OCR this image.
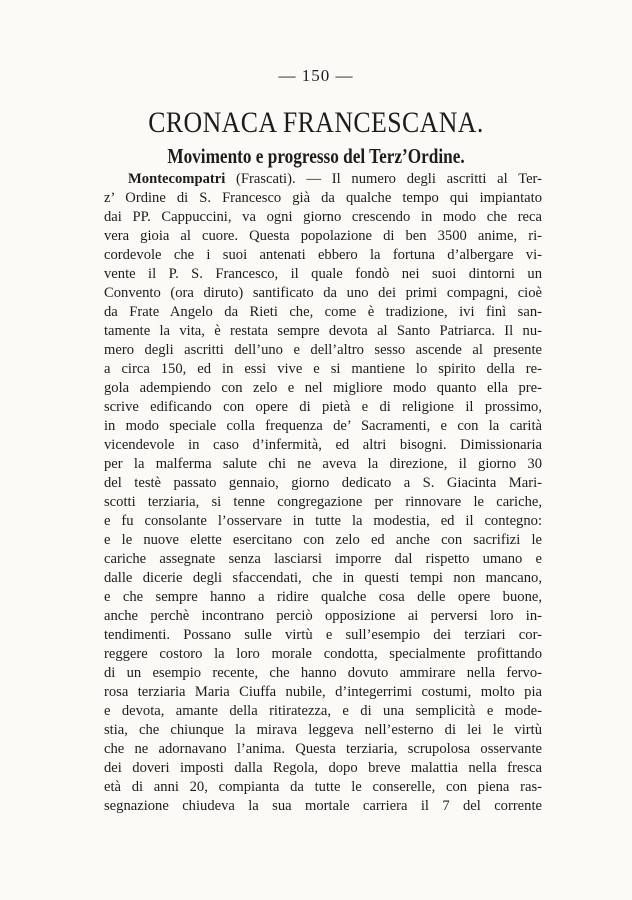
— 150 —
CRONACA FRANCESCANA.
Movimento e progresso del Terz’Ordine.
Montecompatri (Frascati). — Il numero degli ascritti al Ter-
z’ Ordine di S. Francesco già da qualche tempo qui impiantato
dai PP. Cappuccini, va ogni giorno crescendo in modo che reca
vera gioia al cuore. Questa popolazione di ben 3500 anime, ri-
cordevole che i suoi antenati ebbero la fortuna d’albergare vi-
vente il P. S. Francesco, il quale fondò nei suoi dintorni un
Convento (ora diruto) santificato da uno dei primi compagni, cioè
da Frate Angelo da Rieti che, come è tradizione, ivi finì san-
tamente la vita, è restata sempre devota al Santo Patriarca. Il nu-
mero degli ascritti dell’uno e dell’altro sesso ascende al presente
a circa 150, ed in essi vive e si mantiene lo spirito della re-
gola adempiendo con zelo e nel migliore modo quanto ella pre-
scrive edificando con opere di pietà e di religione il prossimo,
in modo speciale colla frequenza de’ Sacramenti, e con la carità
vicendevole in caso d’infermità, ed altri bisogni. Dimissionaria
per la malferma salute chi ne aveva la direzione, il giorno 30
del testè passato gennaio, giorno dedicato a S. Giacinta Mari-
scotti terziaria, si tenne congregazione per rinnovare le cariche,
e fu consolante l’osservare in tutte la modestia, ed il contegno:
e le nuove elette esercitano con zelo ed anche con sacrifizi le
cariche assegnate senza lasciarsi imporre dal rispetto umano e
dalle dicerie degli sfaccendati, che in questi tempi non mancano,
e che sempre hanno a ridire qualche cosa delle opere buone,
anche perchè incontrano perciò opposizione ai perversi loro in-
tendimenti. Possano sulle virtù e sull’esempio dei terziari cor-
reggere costoro la loro morale condotta, specialmente profittando
di un esempio recente, che hanno dovuto ammirare nella fervo-
rosa terziaria Maria Ciuffa nubile, d’integerrimi costumi, molto pia
e devota, amante della ritiratezza, e di una semplicità e mode-
stia, che chiunque la mirava leggeva nell’esterno di lei le virtù
che ne adornavano l’anima. Questa terziaria, scrupolosa osservante
dei doveri imposti dalla Regola, dopo breve malattia nella fresca
età di anni 20, compianta da tutte le conserelle, con piena ras-
segnazione chiudeva la sua mortale carriera il 7 del corrente
